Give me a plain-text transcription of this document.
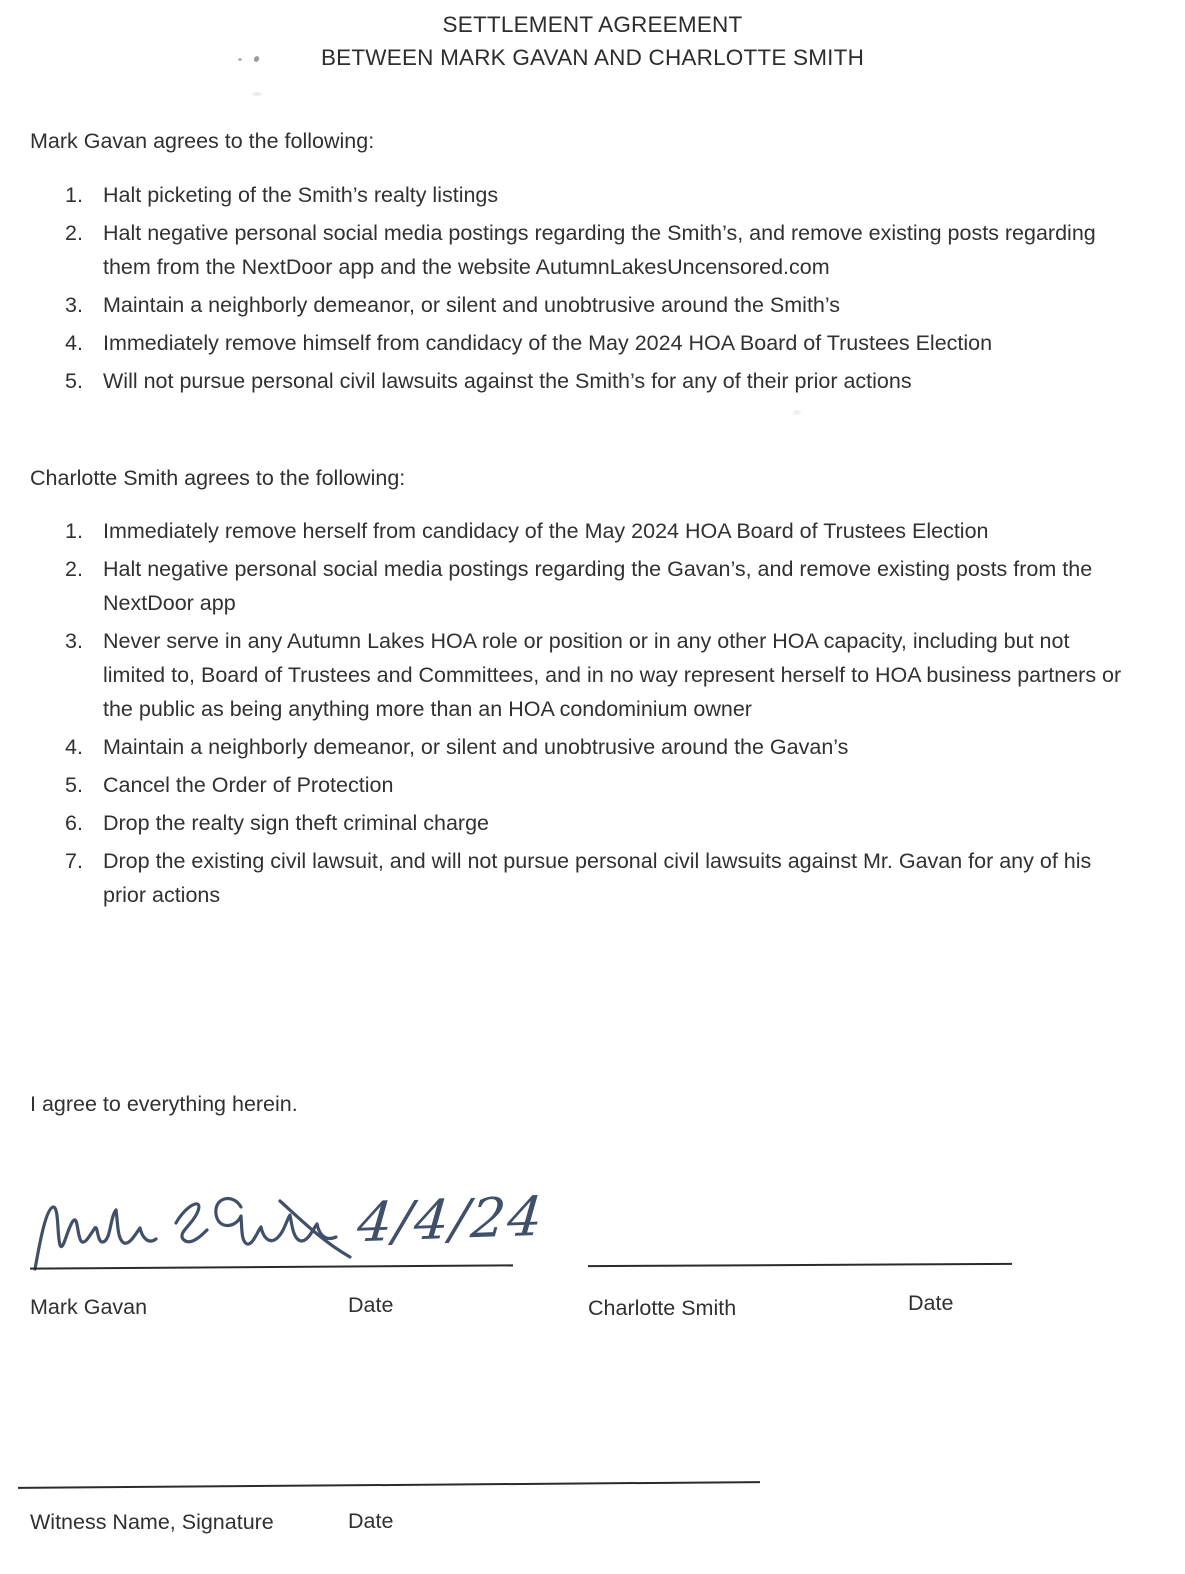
SETTLEMENT AGREEMENT
BETWEEN MARK GAVAN AND CHARLOTTE SMITH
Mark Gavan agrees to the following:
Halt picketing of the Smith’s realty listings
Halt negative personal social media postings regarding the Smith’s, and remove existing posts regarding them from the NextDoor app and the website AutumnLakesUncensored.com
Maintain a neighborly demeanor, or silent and unobtrusive around the Smith’s
Immediately remove himself from candidacy of the May 2024 HOA Board of Trustees Election
Will not pursue personal civil lawsuits against the Smith’s for any of their prior actions
Charlotte Smith agrees to the following:
Immediately remove herself from candidacy of the May 2024 HOA Board of Trustees Election
Halt negative personal social media postings regarding the Gavan’s, and remove existing posts from the NextDoor app
Never serve in any Autumn Lakes HOA role or position or in any other HOA capacity, including but not limited to, Board of Trustees and Committees, and in no way represent herself to HOA business partners or the public as being anything more than an HOA condominium owner
Maintain a neighborly demeanor, or silent and unobtrusive around the Gavan’s
Cancel the Order of Protection
Drop the realty sign theft criminal charge
Drop the existing civil lawsuit, and will not pursue personal civil lawsuits against Mr. Gavan for any of his prior actions
I agree to everything herein.
4/4/24
Mark Gavan	Date	Charlotte Smith	Date
Witness Name, Signature	Date
